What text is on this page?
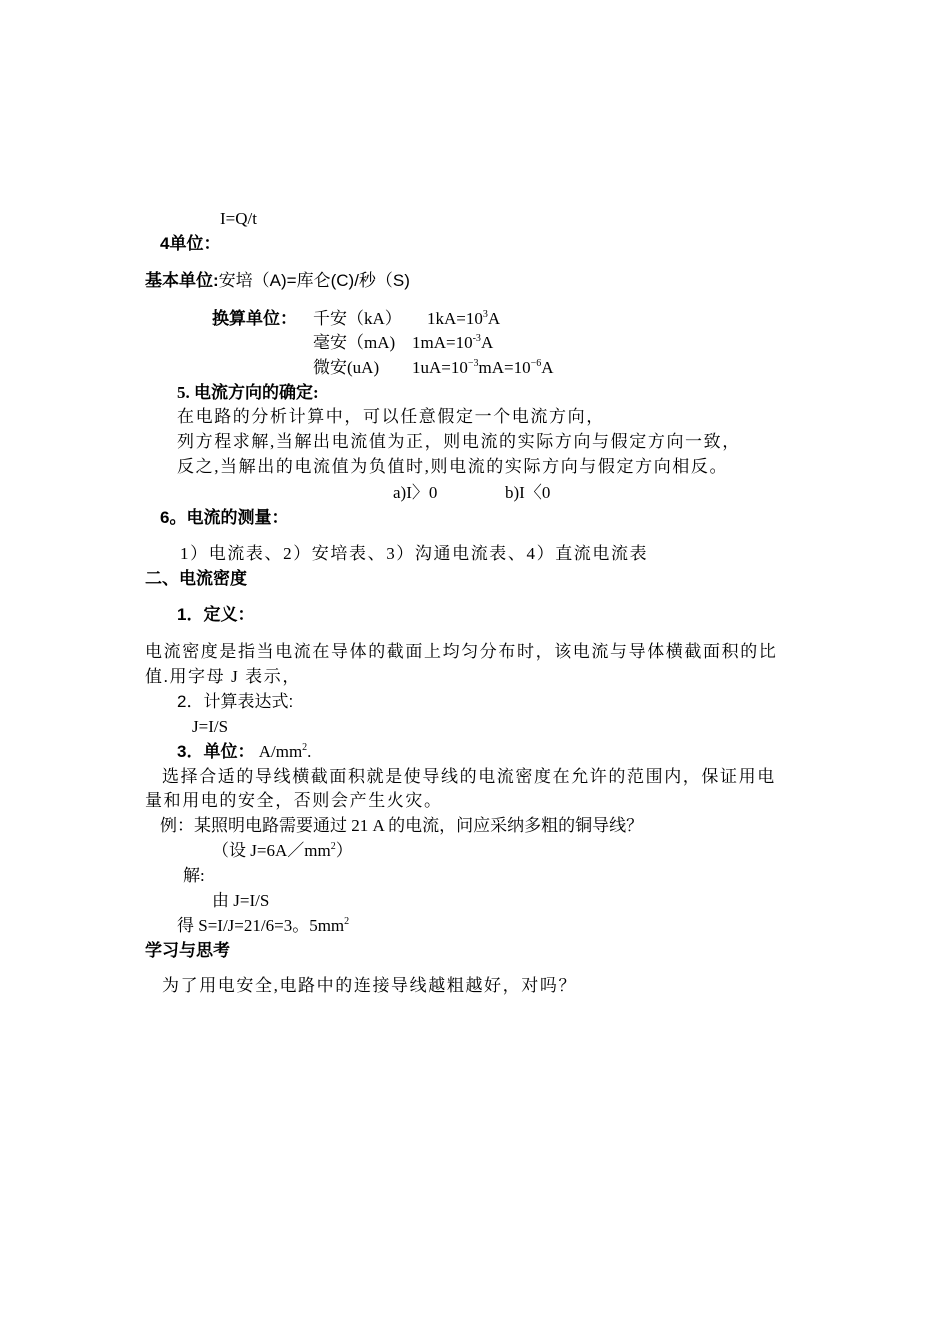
I=Q/t
4单位：
基本单位:安培（A)=库仑(C)/秒（S)
换算单位： 千安（kA） $1kA=10^3A$
毫安（mA) $1mA=10^{-3}A$
微安(uA) $1uA=10^{-3}mA=10^{-6}A$
5. 电流方向的确定:
在电路的分析计算中，可以任意假定一个电流方向，
列方程求解,当解出电流值为正，则电流的实际方向与假定方向一致，
反之,当解出的电流值为负值时,则电流的实际方向与假定方向相反。
a)I〉0	b)I〈0
6。电流的测量：
1）电流表、2）安培表、3）沟通电流表、4）直流电流表
二、电流密度
1．定义：
电流密度是指当电流在导体的截面上均匀分布时，该电流与导体横截面积的比
值.用字母 J 表示，
2．计算表达式:
J=I/S
3．单位： $A/mm^2$.
选择合适的导线横截面积就是使导线的电流密度在允许的范围内，保证用电
量和用电的安全，否则会产生火灾。
例：某照明电路需要通过 21 A 的电流，问应采纳多粗的铜导线？
（设 $J=6A/mm^2$）
解:
由 J=I/S
得 S=I/J=21/6=3。$5mm^2$
学习与思考
为了用电安全,电路中的连接导线越粗越好，对吗？
